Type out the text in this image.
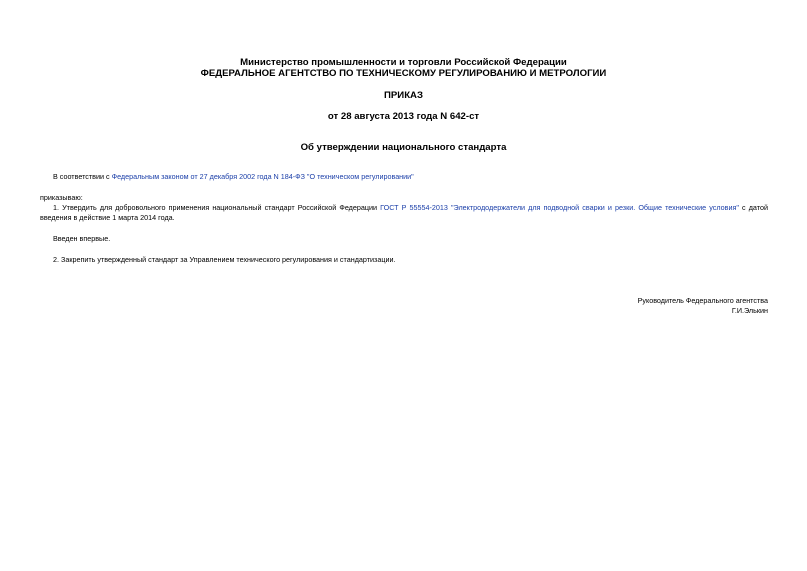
Министерство промышленности и торговли Российской Федерации
ФЕДЕРАЛЬНОЕ АГЕНТСТВО ПО ТЕХНИЧЕСКОМУ РЕГУЛИРОВАНИЮ И МЕТРОЛОГИИ
ПРИКАЗ
от 28 августа 2013 года N 642-ст
Об утверждении национального стандарта
В соответствии с Федеральным законом от 27 декабря 2002 года N 184-ФЗ "О техническом регулировании"
приказываю:
1. Утвердить для добровольного применения национальный стандарт Российской Федерации ГОСТ Р 55554-2013 "Электрододержатели для подводной сварки и резки. Общие технические условия" с датой
введения в действие 1 марта 2014 года.
Введен впервые.
2. Закрепить утвержденный стандарт за Управлением технического регулирования и стандартизации.
Руководитель Федерального агентства
Г.И.Элькин
